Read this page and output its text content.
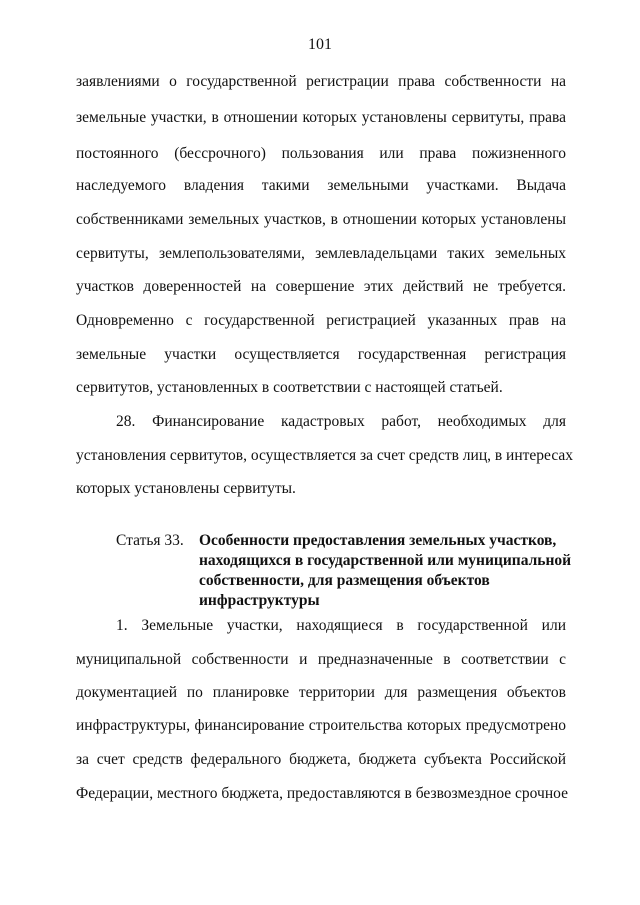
101
заявлениями о государственной регистрации права собственности на
земельные участки, в отношении которых установлены сервитуты, права
постоянного (бессрочного) пользования или права пожизненного
наследуемого владения такими земельными участками. Выдача
собственниками земельных участков, в отношении которых установлены
сервитуты, землепользователями, землевладельцами таких земельных
участков доверенностей на совершение этих действий не требуется.
Одновременно с государственной регистрацией указанных прав на
земельные участки осуществляется государственная регистрация
сервитутов, установленных в соответствии с настоящей статьей.
28. Финансирование кадастровых работ, необходимых для
установления сервитутов, осуществляется за счет средств лиц, в интересах
которых установлены сервитуты.
Статья 33. Особенности предоставления земельных участков,
находящихся в государственной или муниципальной
собственности, для размещения объектов
инфраструктуры
1. Земельные участки, находящиеся в государственной или
муниципальной собственности и предназначенные в соответствии с
документацией по планировке территории для размещения объектов
инфраструктуры, финансирование строительства которых предусмотрено
за счет средств федерального бюджета, бюджета субъекта Российской
Федерации, местного бюджета, предоставляются в безвозмездное срочное
